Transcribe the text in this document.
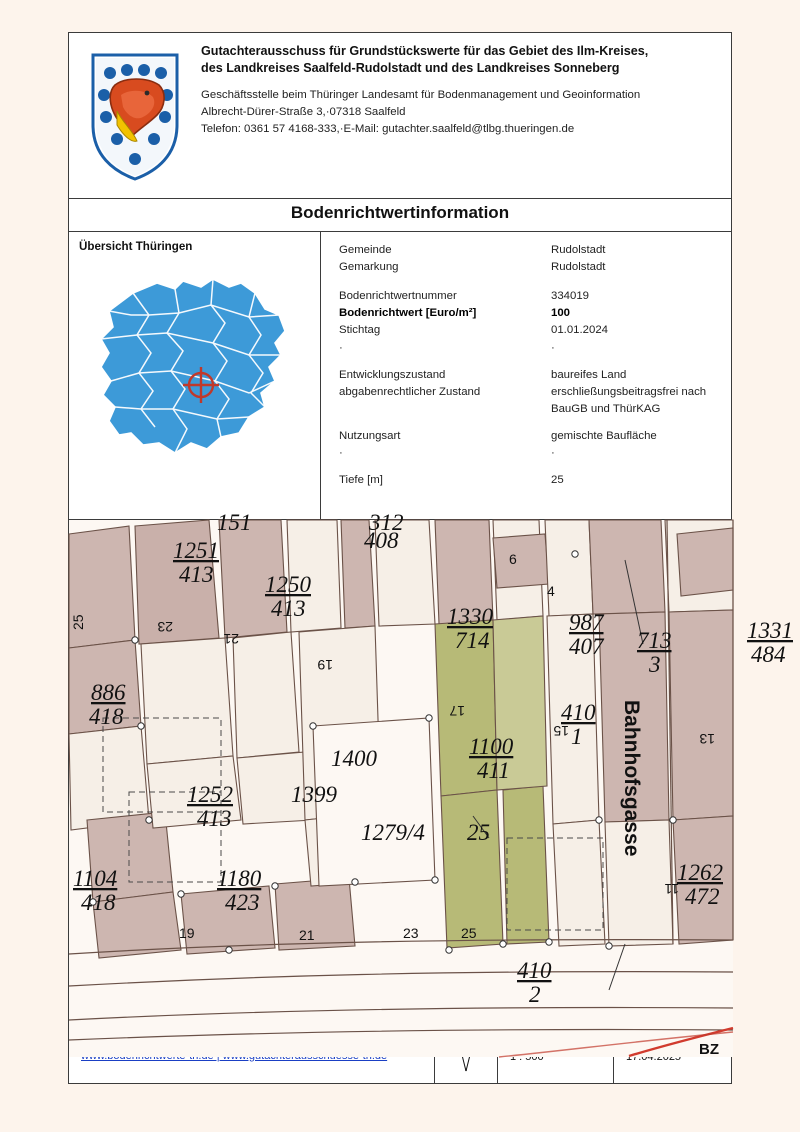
Gutachterausschuss für Grundstückswerte für das Gebiet des Ilm-Kreises,
des Landkreises Saalfeld-Rudolstadt und des Landkreises Sonneberg
Geschäftsstelle beim Thüringer Landesamt für Bodenmanagement und Geoinformation
Albrecht-Dürer-Straße 3,·07318 Saalfeld
Telefon: 0361 57 4168-333,·E-Mail: gutachter.saalfeld@tlbg.thueringen.de
Bodenrichtwertinformation
Übersicht Thüringen	Gemeinde	Rudolstadt
Gemarkung	Rudolstadt
Bodenrichtwertnummer	334019
Bodenrichtwert [Euro/m²]	100
Stichtag	01.01.2024
·	·
Entwicklungszustand	baureifes Land
abgabenrechtlicher Zustand	erschließungsbeitragsfrei nach
BauGB und ThürKAG
Nutzungsart	gemischte Baufläche
·	·
Tiefe [m]	25
1251
413 1250
413	1330
714
987
407 713
3
1331
484
886
418	410
1
1100
411
1252
413
1262
472
1104
418
1180
423
410
2
408
151	312
1400
1399
1279/4 25
6
4
25	23
21
19
17
15	13
11
19	21	23	25
Bahnhofsgasse
BZ
